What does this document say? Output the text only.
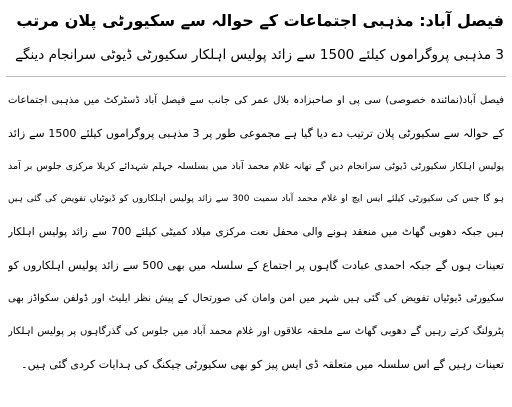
فیصل آباد: مذہبی اجتماعات کے حوالہ سے سکیورٹی پلان مرتب
3 مذہبی پروگراموں کیلئے 1500 سے زائد پولیس اہلکار سکیورٹی ڈیوٹی سرانجام دینگے
فیصل آباد(نمائندہ خصوصی) سی پی او صاحبزادہ بلال عمر کی جانب سے فیصل آباد ڈسٹرکٹ میں مذہبی اجتماعات
کے حوالہ سے سکیورٹی پلان ترتیب دے دیا گیا ہے مجموعی طور پر 3 مذہبی پروگراموں کیلئے 1500 سے زائد
پولیس اہلکار سکیورٹی ڈیوٹی سرانجام دیں گے تھانہ غلام محمد آباد میں بسلسلہ جہلم شہدائے کربلا مرکزی جلوس بر آمد
ہو گا جس کی سکیورٹی کیلئے ایس ایچ او غلام محمد آباد سمیت 300 سے زائد پولیس اہلکاروں کو ڈیوٹیاں تفویض کی گئی ہیں
ہیں جبکہ دھوبی گھاٹ میں منعقد ہونے والی محفل نعت مرکزی میلاد کمیٹی کیلئے 700 سے زائد پولیس اہلکار
تعینات ہوں گے جبکہ احمدی عبادت گاہوں پر اجتماع کے سلسلہ میں بھی 500 سے زائد پولیس اہلکاروں کو
سکیورٹی ڈیوٹیاں تفویض کی گئی ہیں شہر میں امن وامان کی صورتحال کے پیش نظر ایلیٹ اور ڈولفن سکواڈز بھی
پٹرولنگ کرتے رہیں گے دھوبی گھاٹ سے ملحقہ علاقوں اور غلام محمد آباد میں جلوس کی گذرگاہوں پر پولیس اہلکار
تعینات رہیں گے اس سلسلہ میں متعلقہ ڈی ایس پیز کو بھی سکیورٹی چیکنگ کی ہدایات کردی گئی ہیں۔
